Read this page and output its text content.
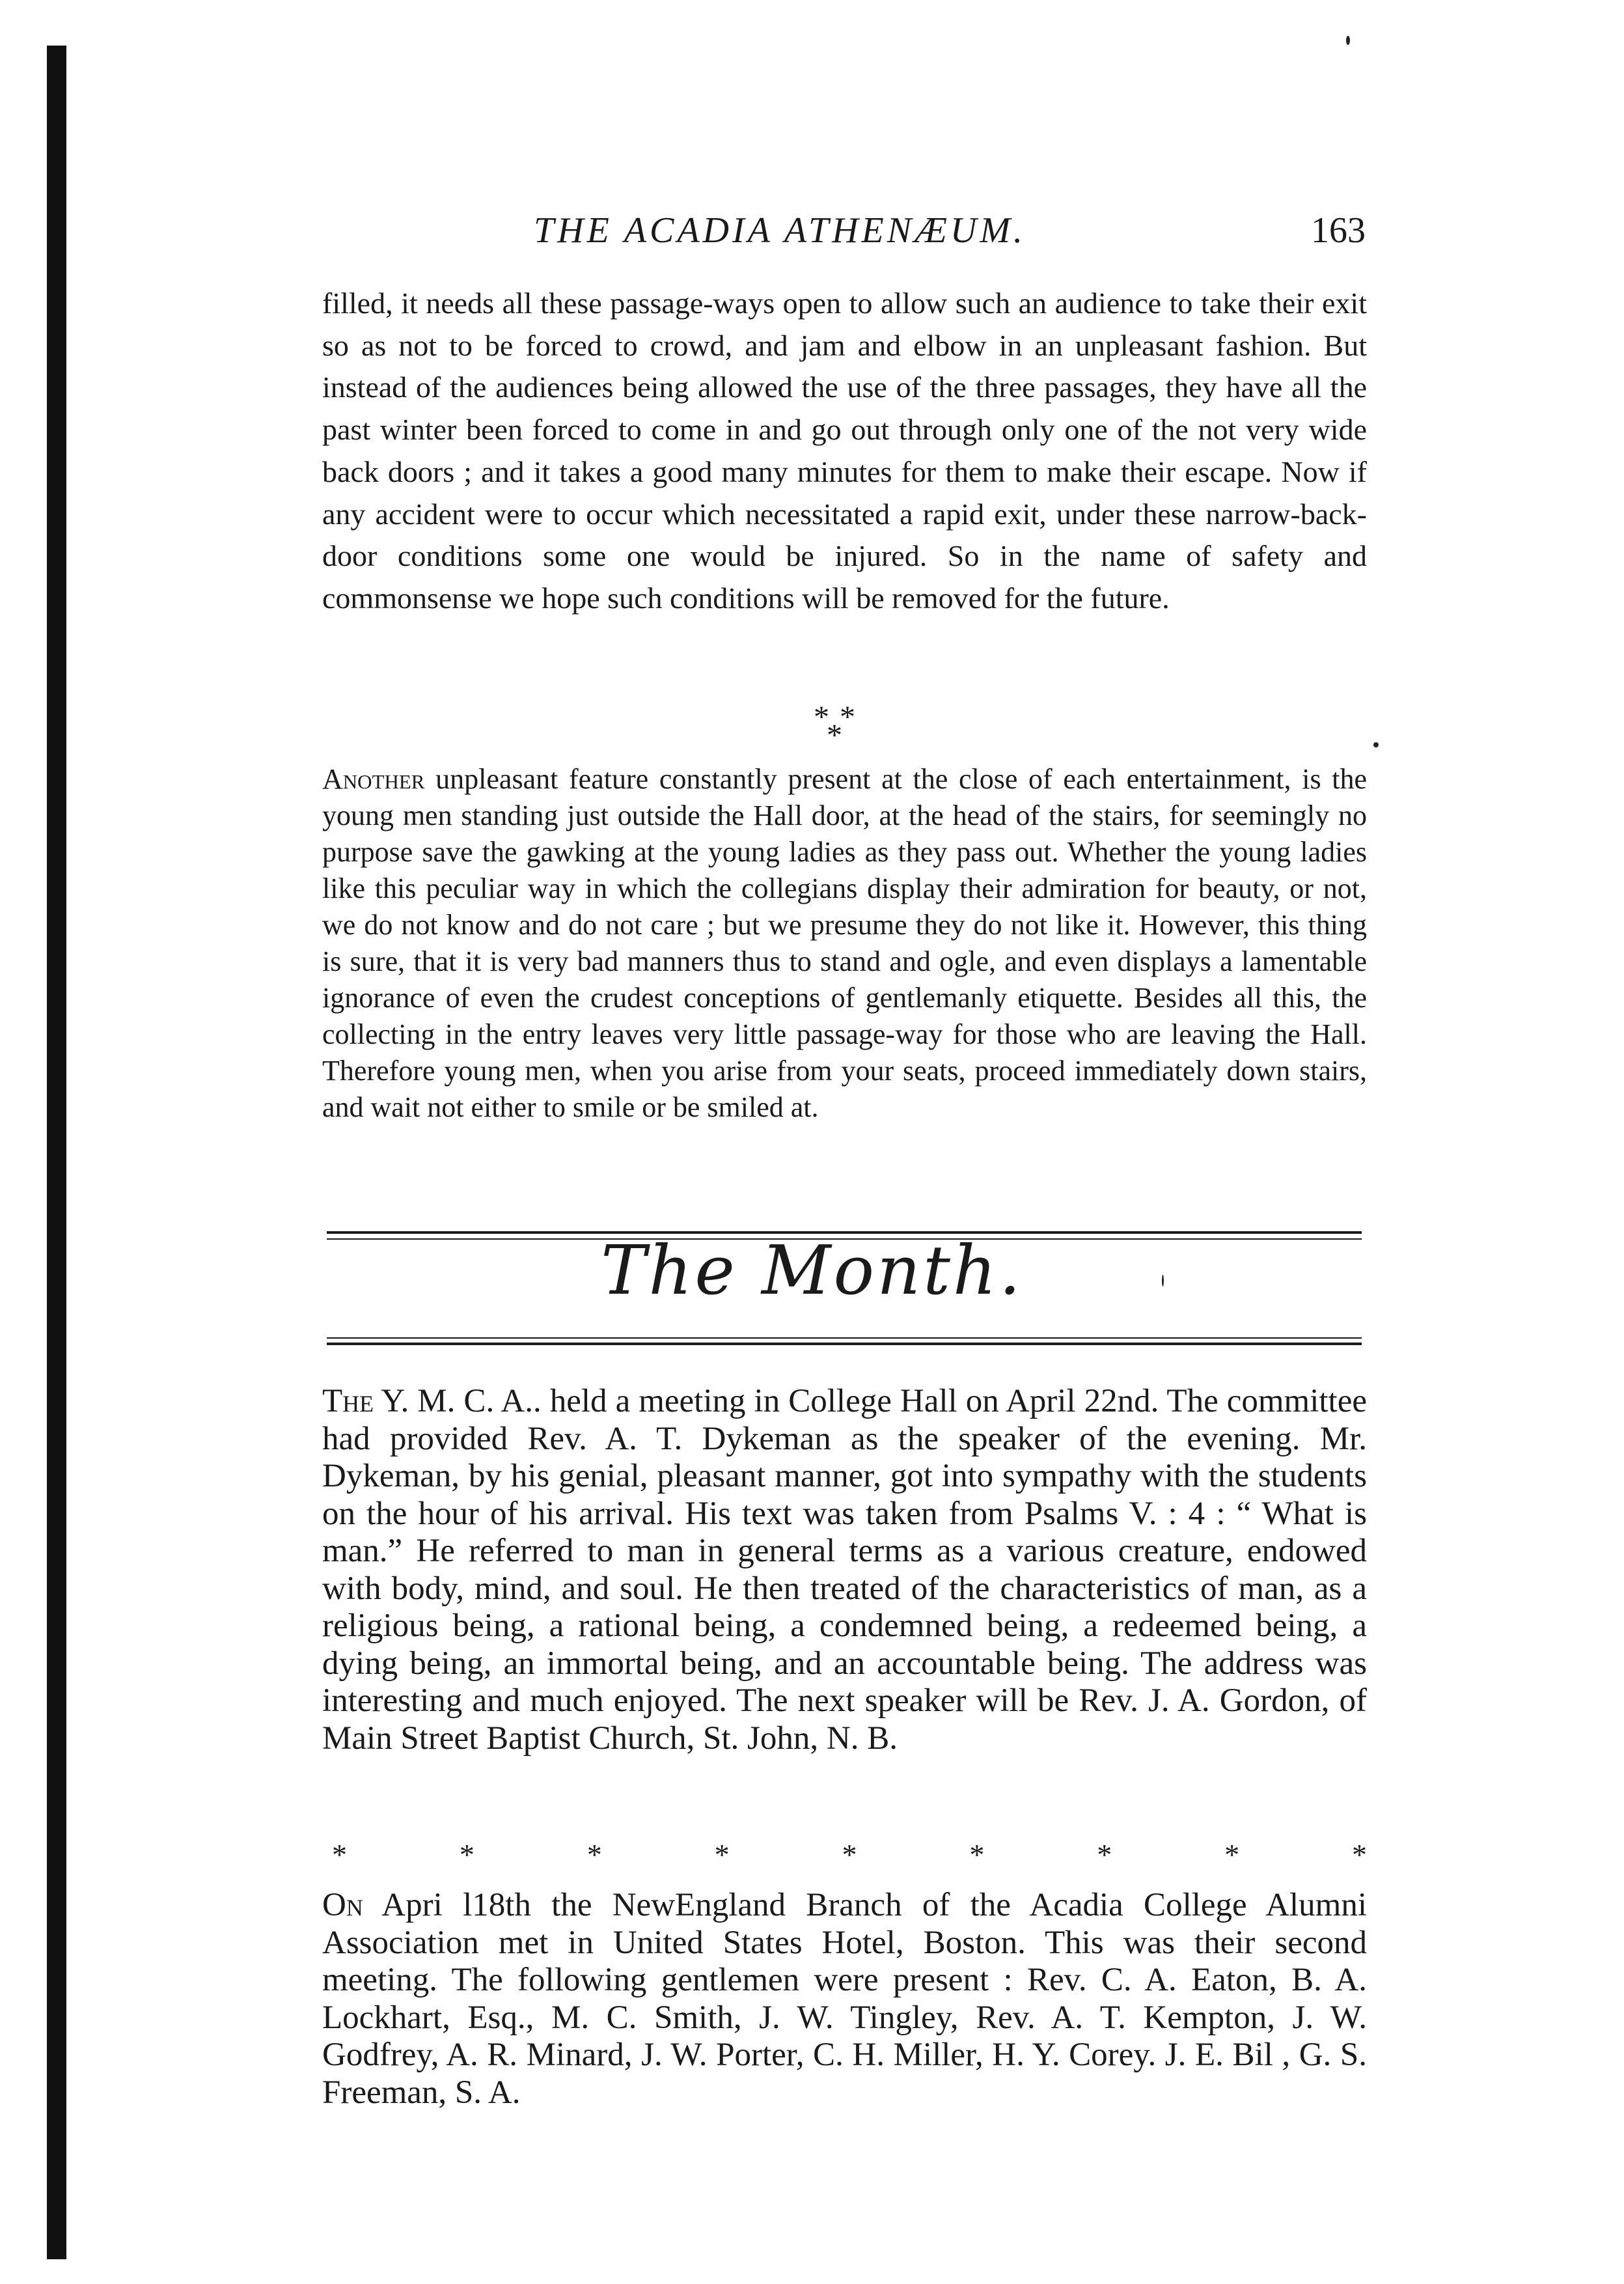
THE ACADIA ATHENÆUM.	163

filled, it needs all these passage-ways open to allow such an audience to take their exit so as not to be forced to crowd, and jam and elbow in an unpleasant fashion. But instead of the audiences being allowed the use of the three passages, they have all the past winter been forced to come in and go out through only one of the not very wide back doors ; and it takes a good many minutes for them to make their escape. Now if any accident were to occur which necessitated a rapid exit, under these narrow-back-door conditions some one would be injured. So in the name of safety and commonsense we hope such conditions will be removed for the future.

* *
*

Another unpleasant feature constantly present at the close of each entertainment, is the young men standing just outside the Hall door, at the head of the stairs, for seemingly no purpose save the gawking at the young ladies as they pass out. Whether the young ladies like this peculiar way in which the collegians display their admiration for beauty, or not, we do not know and do not care ; but we presume they do not like it. However, this thing is sure, that it is very bad manners thus to stand and ogle, and even displays a lamentable ignorance of even the crudest conceptions of gentlemanly etiquette. Besides all this, the collecting in the entry leaves very little passage-way for those who are leaving the Hall. Therefore young men, when you arise from your seats, proceed immediately down stairs, and wait not either to smile or be smiled at.

The Month.

The Y. M. C. A.. held a meeting in College Hall on April 22nd. The committee had provided Rev. A. T. Dykeman as the speaker of the evening. Mr. Dykeman, by his genial, pleasant manner, got into sympathy with the students on the hour of his arrival. His text was taken from Psalms V. : 4 : “ What is man.” He referred to man in general terms as a various creature, endowed with body, mind, and soul. He then treated of the characteristics of man, as a religious being, a rational being, a condemned being, a redeemed being, a dying being, an immortal being, and an accountable being. The address was interesting and much enjoyed. The next speaker will be Rev. J. A. Gordon, of Main Street Baptist Church, St. John, N. B.

*	*	*	*	*	*	*	*	*

On Apri l18th the NewEngland Branch of the Acadia College Alumni Association met in United States Hotel, Boston. This was their second meeting. The following gentlemen were present : Rev. C. A. Eaton, B. A. Lockhart, Esq., M. C. Smith, J. W. Tingley, Rev. A. T. Kempton, J. W. Godfrey, A. R. Minard, J. W. Porter, C. H. Miller, H. Y. Corey. J. E. Bil , G. S. Freeman, S. A.
